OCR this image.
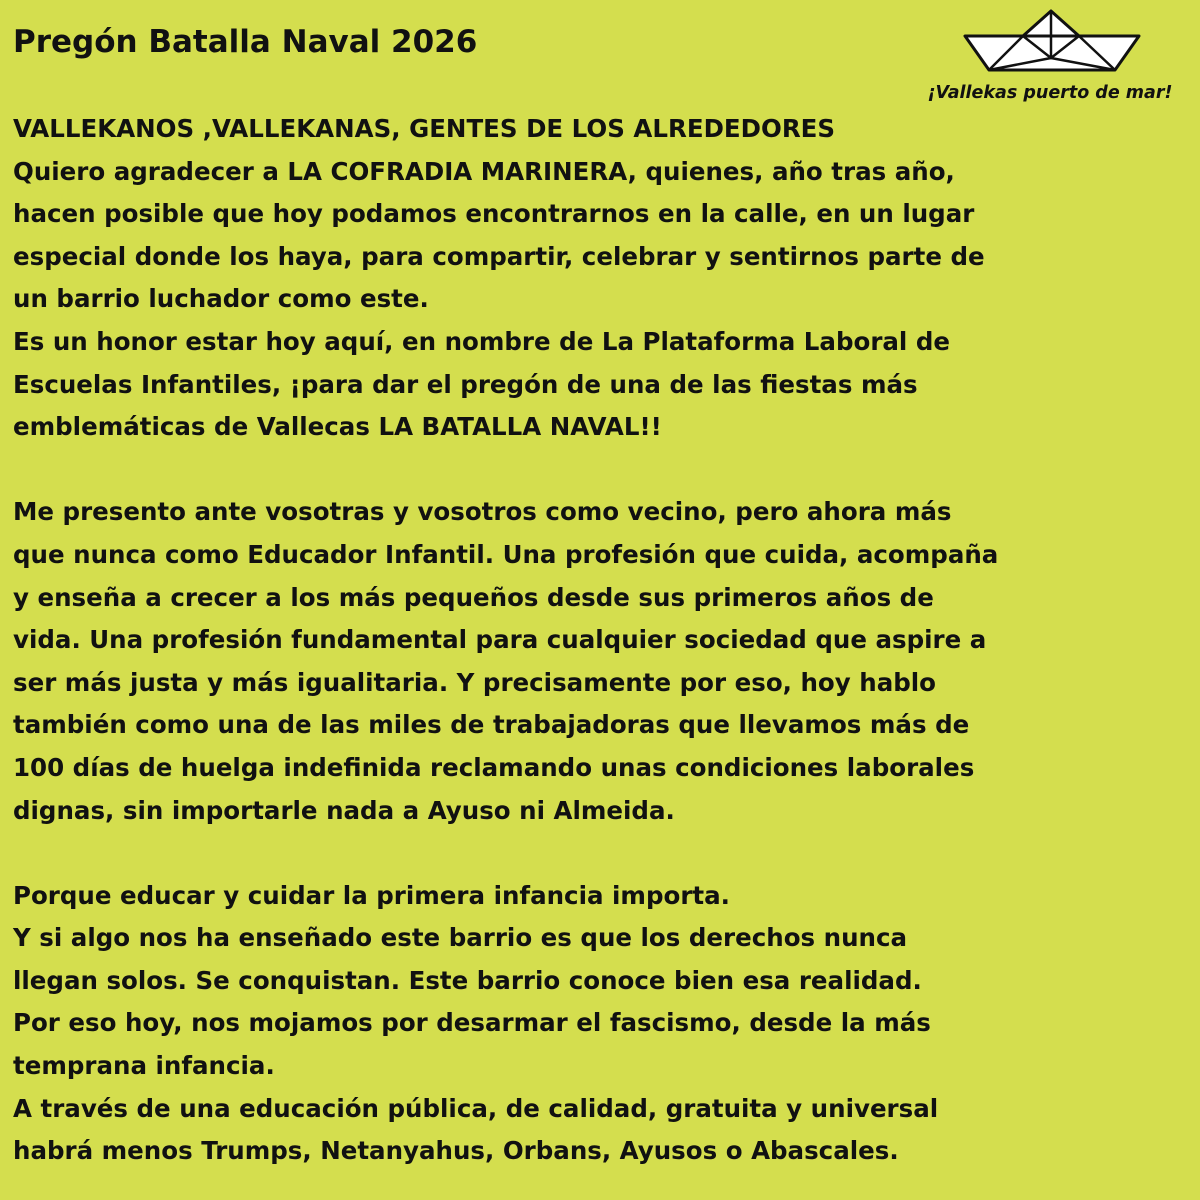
Pregón Batalla Naval 2026
¡Vallekas puerto de mar!
VALLEKANOS ,VALLEKANAS, GENTES DE LOS ALREDEDORES
Quiero agradecer a LA COFRADIA MARINERA, quienes, año tras año,
hacen posible que hoy podamos encontrarnos en la calle, en un lugar
especial donde los haya, para compartir, celebrar y sentirnos parte de
un barrio luchador como este.
Es un honor estar hoy aquí, en nombre de La Plataforma Laboral de
Escuelas Infantiles, ¡para dar el pregón de una de las fiestas más
emblemáticas de Vallecas LA BATALLA NAVAL!!
Me presento ante vosotras y vosotros como vecino, pero ahora más
que nunca como Educador Infantil. Una profesión que cuida, acompaña
y enseña a crecer a los más pequeños desde sus primeros años de
vida. Una profesión fundamental para cualquier sociedad que aspire a
ser más justa y más igualitaria. Y precisamente por eso, hoy hablo
también como una de las miles de trabajadoras que llevamos más de
100 días de huelga indefinida reclamando unas condiciones laborales
dignas, sin importarle nada a Ayuso ni Almeida.
Porque educar y cuidar la primera infancia importa.
Y si algo nos ha enseñado este barrio es que los derechos nunca
llegan solos. Se conquistan. Este barrio conoce bien esa realidad.
Por eso hoy, nos mojamos por desarmar el fascismo, desde la más
temprana infancia.
A través de una educación pública, de calidad, gratuita y universal
habrá menos Trumps, Netanyahus, Orbans, Ayusos o Abascales.
